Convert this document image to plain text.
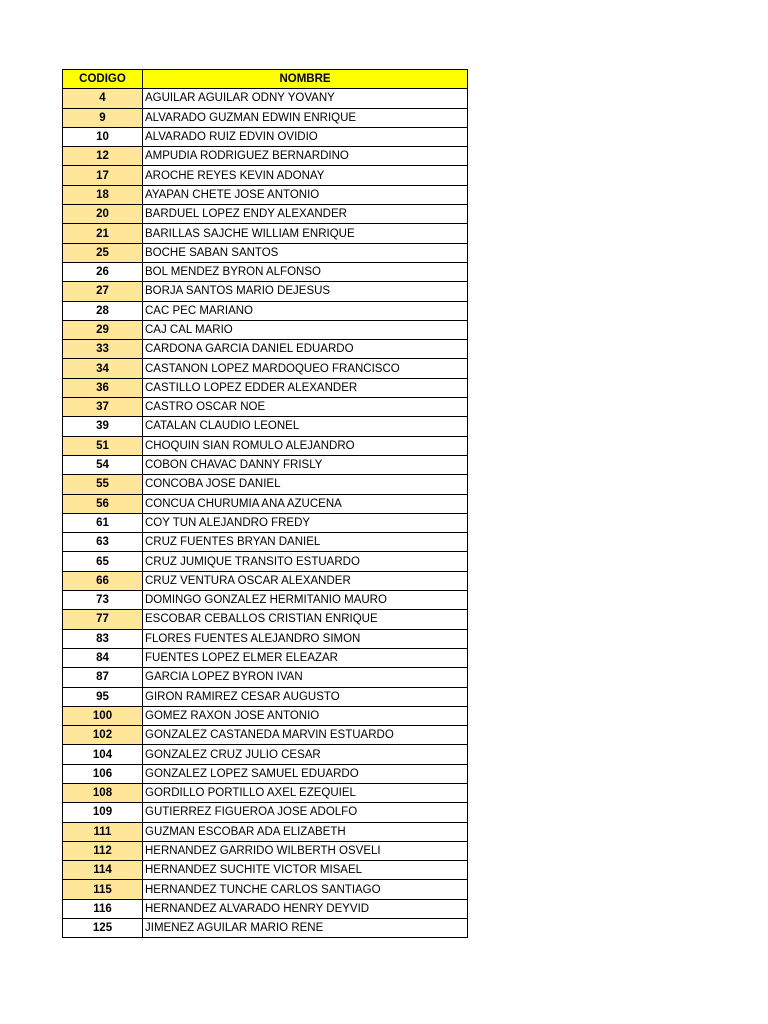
CODIGO	NOMBRE
4	AGUILAR AGUILAR ODNY YOVANY
9	ALVARADO GUZMAN EDWIN ENRIQUE
10	ALVARADO RUIZ EDVIN OVIDIO
12	AMPUDIA RODRIGUEZ BERNARDINO
17	AROCHE REYES KEVIN ADONAY
18	AYAPAN CHETE JOSE ANTONIO
20	BARDUEL LOPEZ ENDY ALEXANDER
21	BARILLAS SAJCHE WILLIAM ENRIQUE
25	BOCHE SABAN SANTOS
26	BOL MENDEZ BYRON ALFONSO
27	BORJA SANTOS MARIO DEJESUS
28	CAC PEC MARIANO
29	CAJ CAL MARIO
33	CARDONA GARCIA DANIEL EDUARDO
34	CASTANON LOPEZ MARDOQUEO FRANCISCO
36	CASTILLO LOPEZ EDDER ALEXANDER
37	CASTRO OSCAR NOE
39	CATALAN CLAUDIO LEONEL
51	CHOQUIN SIAN ROMULO ALEJANDRO
54	COBON CHAVAC DANNY FRISLY
55	CONCOBA JOSE DANIEL
56	CONCUA CHURUMIA ANA AZUCENA
61	COY TUN ALEJANDRO FREDY
63	CRUZ FUENTES BRYAN DANIEL
65	CRUZ JUMIQUE TRANSITO ESTUARDO
66	CRUZ VENTURA OSCAR ALEXANDER
73	DOMINGO GONZALEZ HERMITANIO MAURO
77	ESCOBAR CEBALLOS CRISTIAN ENRIQUE
83	FLORES FUENTES ALEJANDRO SIMON
84	FUENTES LOPEZ ELMER ELEAZAR
87	GARCIA LOPEZ BYRON IVAN
95	GIRON RAMIREZ CESAR AUGUSTO
100	GOMEZ RAXON JOSE ANTONIO
102	GONZALEZ CASTANEDA MARVIN ESTUARDO
104	GONZALEZ CRUZ JULIO CESAR
106	GONZALEZ LOPEZ SAMUEL EDUARDO
108	GORDILLO PORTILLO AXEL EZEQUIEL
109	GUTIERREZ FIGUEROA JOSE ADOLFO
111	GUZMAN ESCOBAR ADA ELIZABETH
112	HERNANDEZ GARRIDO WILBERTH OSVELI
114	HERNANDEZ SUCHITE VICTOR MISAEL
115	HERNANDEZ TUNCHE CARLOS SANTIAGO
116	HERNANDEZ ALVARADO HENRY DEYVID
125	JIMENEZ AGUILAR MARIO RENE
